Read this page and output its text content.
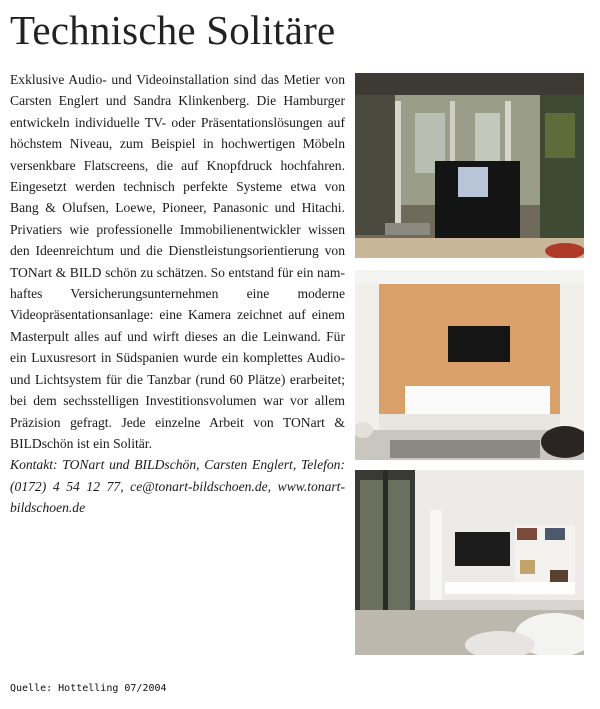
Technische Solitäre

Exklusive Audio- und Videoinstallation sind das Metier von Carsten Englert und Sandra Klinkenberg. Die Hamburger entwickeln individuelle TV- oder Präsentationslösungen auf höchstem Niveau, zum Beispiel in hochwertigen Möbeln versenkbare Flatscreens, die auf Knopfdruck hochfahren. Eingesetzt werden technisch perfekte Systeme etwa von Bang & Olufsen, Loewe, Pioneer, Panasonic und Hitachi. Privatiers wie professionelle Immobilienentwickler wissen den Ideenreichtum und die Dienstleistungsorientierung von TONart & BILD schön zu schätzen. So entstand für ein namhaftes Versicherungsunternehmen eine moderne Videopräsentationsanlage: eine Kamera zeichnet auf einem Masterpult alles auf und wirft dieses an die Leinwand. Für ein Luxusresort in Südspanien wurde ein komplettes Audio- und Lichtsystem für die Tanzbar (rund 60 Plätze) erarbeitet; bei dem sechsstelligen Investitionsvolumen war vor allem Präzision gefragt. Jede einzelne Arbeit von TONart & BILDschön ist ein Solitär.

Kontakt: TONart und BILDschön, Carsten Englert, Telefon: (0172) 4 54 12 77, ce@tonart-bildschoen.de, www.tonart-bildschoen.de

Quelle: Hottelling 07/2004
